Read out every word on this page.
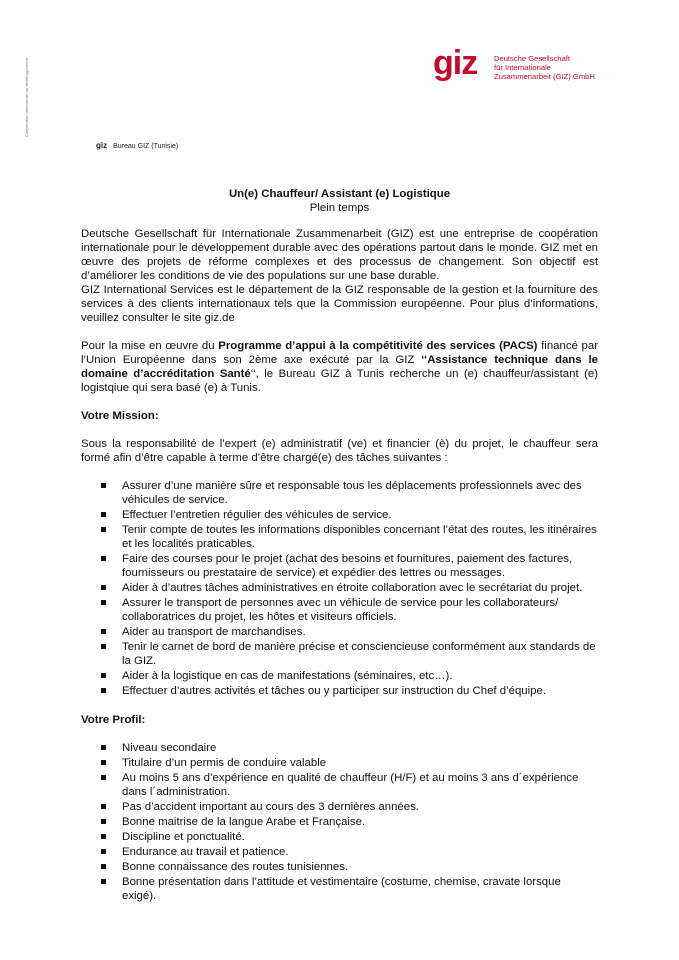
Coopération allemande au développement	giz Deutsche Gesellschaft
für Internationale
Zusammenarbeit (GIZ) GmbH
giz Bureau GIZ (Tunisie)
Un(e) Chauffeur/ Assistant (e) Logistique
Plein temps

Deutsche Gesellschaft für Internationale Zusammenarbeit (GIZ) est une entreprise de coopération internationale pour le développement durable avec des opérations partout dans le monde. GIZ met en œuvre des projets de réforme complexes et des processus de changement. Son objectif est d’améliorer les conditions de vie des populations sur une base durable.

GIZ International Services est le département de la GIZ responsable de la gestion et la fourniture des services à des clients internationaux tels que la Commission européenne. Pour plus d’informations, veuillez consulter le site giz.de

Pour la mise en œuvre du Programme d’appui à la compétitivité des services (PACS) financé par l’Union Européenne dans son 2ème axe exécuté par la GIZ ‘‘Assistance technique dans le domaine d’accréditation Santé‘‘, le Bureau GIZ à Tunis recherche un (e) chauffeur/assistant (e) logistqiue qui sera basé (e) à Tunis.

Votre Mission:

Sous la responsabilité de l’expert (e) administratif (ve) et financier (è) du projet, le chauffeur sera formé afin d’être capable à terme d’être chargé(e) des tâches suivantes :

Assurer d’une manière sûre et responsable tous les déplacements professionnels avec des véhicules de service.
Effectuer l’entretien régulier des véhicules de service.
Tenir compte de toutes les informations disponibles concernant l’état des routes, les itinéraires et les localités praticables.
Faire des courses pour le projet (achat des besoins et fournitures, paiement des factures, fournisseurs ou prestataire de service) et expédier des lettres ou messages.
Aider à d’autres tâches administratives en étroite collaboration avec le secrétariat du projet.
Assurer le transport de personnes avec un véhicule de service pour les collaborateurs/ collaboratrices du projet, les hôtes et visiteurs officiels.
Aider au transport de marchandises.
Tenir le carnet de bord de manière précise et consciencieuse conformément aux standards de la GIZ.
Aider à la logistique en cas de manifestations (séminaires, etc…).
Effectuer d’autres activités et tâches ou y participer sur instruction du Chef d’équipe.
Votre Profil:
Niveau secondaire
Titulaire d’un permis de conduire valable
Au moins 5 ans d’expérience en qualité de chauffeur (H/F) et au moins 3 ans d´expérience dans l´administration.
Pas d’accident important au cours des 3 dernières années.
Bonne maitrise de la langue Arabe et Française.
Discipline et ponctualité.
Endurance au travail et patience.
Bonne connaissance des routes tunisiennes.
Bonne présentation dans l’attitude et vestimentaire (costume, chemise, cravate lorsque exigé).
